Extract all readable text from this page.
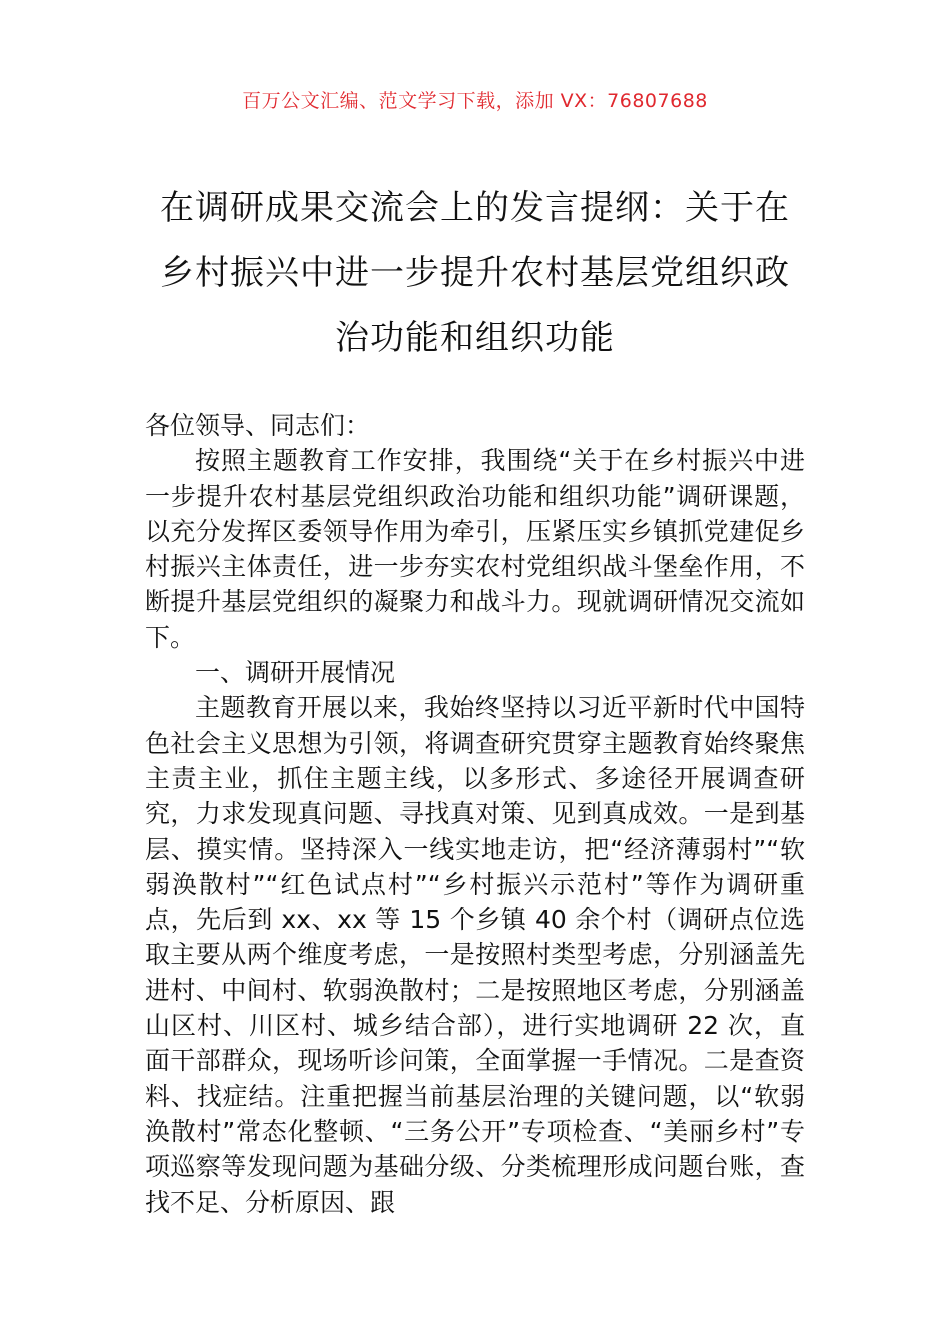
百万公文汇编、范文学习下载，添加 VX：76807688
在调研成果交流会上的发言提纲：关于在乡村振兴中进一步提升农村基层党组织政治功能和组织功能

各位领导、同志们：

按照主题教育工作安排，我围绕“关于在乡村振兴中进一步提升农村基层党组织政治功能和组织功能”调研课题，以充分发挥区委领导作用为牵引，压紧压实乡镇抓党建促乡村振兴主体责任，进一步夯实农村党组织战斗堡垒作用，不断提升基层党组织的凝聚力和战斗力。现就调研情况交流如下。

一、调研开展情况

主题教育开展以来，我始终坚持以习近平新时代中国特色社会主义思想为引领，将调查研究贯穿主题教育始终聚焦主责主业，抓住主题主线，以多形式、多途径开展调查研究，力求发现真问题、寻找真对策、见到真成效。一是到基层、摸实情。坚持深入一线实地走访，把“经济薄弱村”“软弱涣散村”“红色试点村”“乡村振兴示范村”等作为调研重点，先后到 xx、xx 等 15 个乡镇 40 余个村（调研点位选取主要从两个维度考虑，一是按照村类型考虑，分别涵盖先进村、中间村、软弱涣散村；二是按照地区考虑，分别涵盖山区村、川区村、城乡结合部），进行实地调研 22 次，直面干部群众，现场听诊问策，全面掌握一手情况。二是查资料、找症结。注重把握当前基层治理的关键问题，以“软弱涣散村”常态化整顿、“三务公开”专项检查、“美丽乡村”专项巡察等发现问题为基础分级、分类梳理形成问题台账，查找不足、分析原因、跟
